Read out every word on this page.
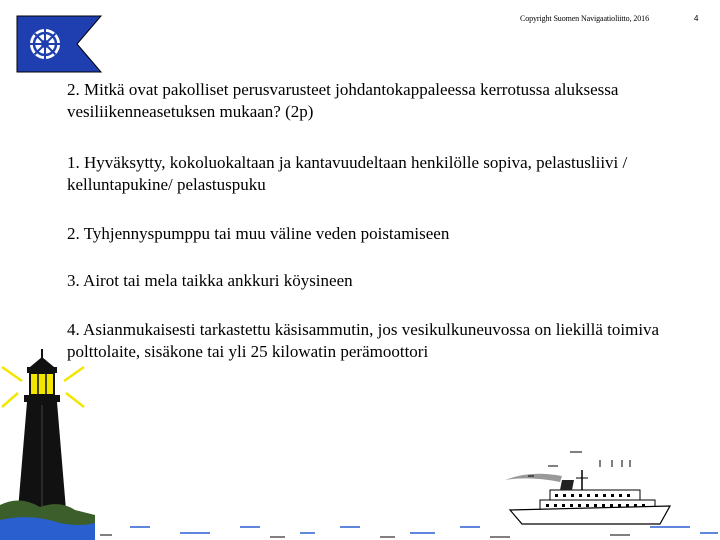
Copyright Suomen Navigaatioliitto, 2016	4

2. Mitkä ovat pakolliset perusvarusteet johdantokappaleessa kerrotussa aluksessa vesiliikenneasetuksen mukaan? (2p)

1. Hyväksytty, kokoluokaltaan ja kantavuudeltaan henkilölle sopiva, pelastusliivi / kelluntapukine/ pelastuspuku

2. Tyhjennyspumppu tai muu väline veden poistamiseen

3. Airot tai mela taikka ankkuri köysineen

4. Asianmukaisesti tarkastettu käsisammutin, jos vesikulkuneuvossa on liekillä toimiva polttolaite, sisäkone tai yli 25 kilowatin perämoottori
